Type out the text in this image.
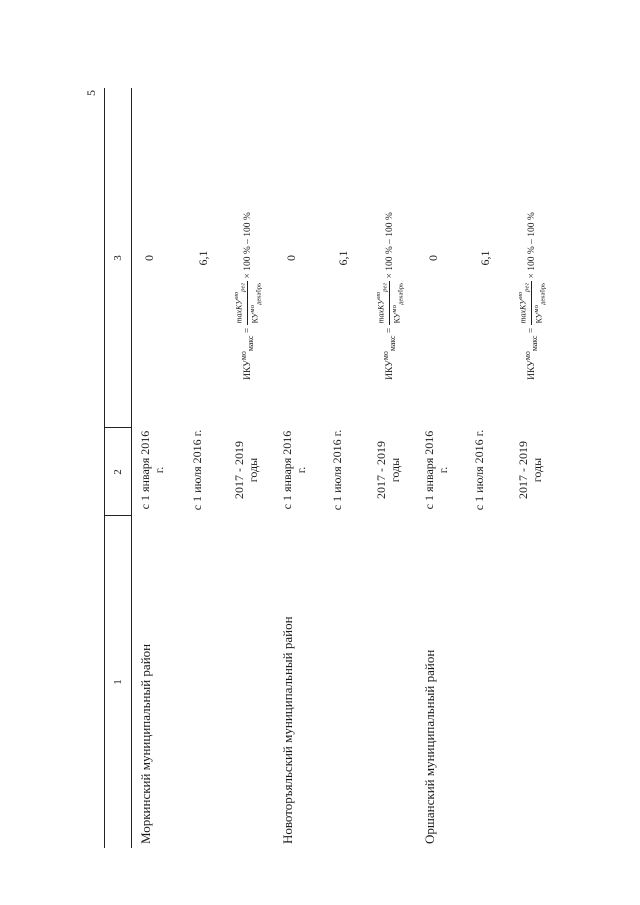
5
1
2
3
Моркинский муниципальный район
с 1 января 2016 г.
0
с 1 июля 2016 г.
6,1
2017 - 2019 годы
$ИКУ^{мо}_{макс}$ =
maxКУ$^{мо}_{pег}$
$КУ^{мо}_{декабрь}$
× 100 % – 100 %
Новоторъяльский муниципальный район
с 1 января 2016 г.
0
с 1 июля 2016 г.
6,1
2017 - 2019 годы
$ИКУ^{мо}_{макс}$ =
maxКУ$^{мо}_{pег}$
$КУ^{мо}_{декабрь}$
× 100 % – 100 %
Оршанский муниципальный район
с 1 января 2016 г.
0
с 1 июля 2016 г.
6,1
2017 - 2019 годы
$ИКУ^{мо}_{макс}$ =
maxКУ$^{мо}_{pег}$
$КУ^{мо}_{декабрь}$
× 100 % – 100 %
